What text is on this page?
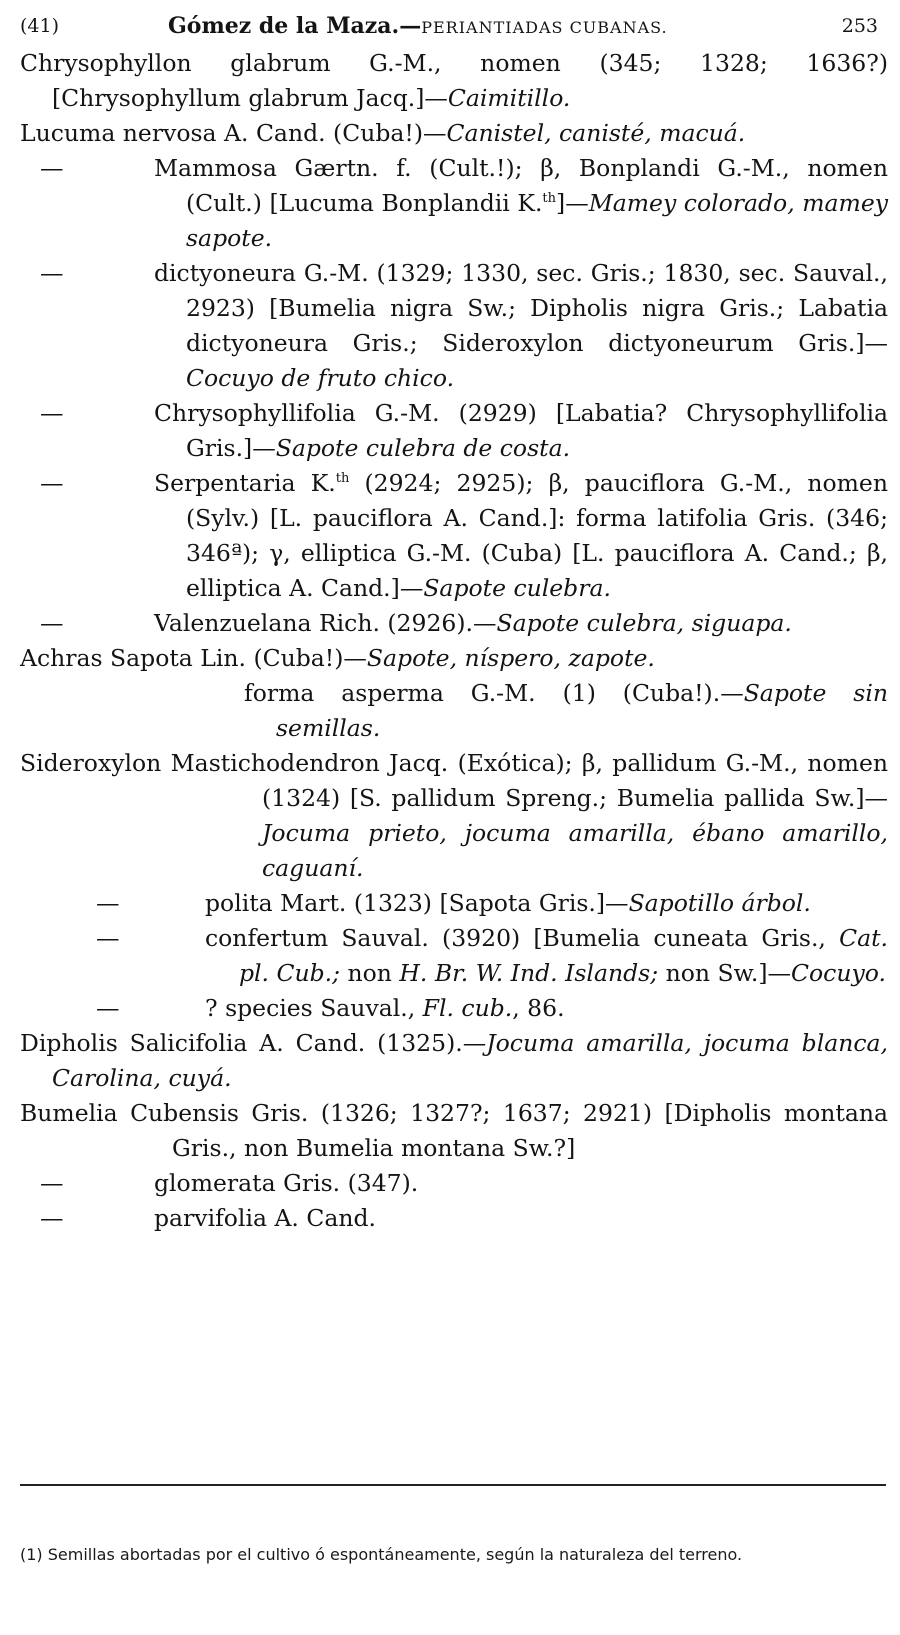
(41)	Gómez de la Maza.—PERIANTIADAS CUBANAS.	253
Chrysophyllon glabrum G.-M., nomen (345; 1328; 1636?) [Chrysophyllum glabrum Jacq.]—Caimitillo.
Lucuma nervosa A. Cand. (Cuba!)—Canistel, canisté, macuá.
—	Mammosa Gærtn. f. (Cult.!); β, Bonplandi G.-M., nomen (Cult.) [Lucuma Bonplandii K.$^{th}$]—Mamey colorado, mamey sapote.
—	dictyoneura G.-M. (1329; 1330, sec. Gris.; 1830, sec. Sauval., 2923) [Bumelia nigra Sw.; Dipholis nigra Gris.; Labatia dictyoneura Gris.; Sideroxylon dictyoneurum Gris.]—Cocuyo de fruto chico.
—	Chrysophyllifolia G.-M. (2929) [Labatia? Chrysophyllifolia Gris.]—Sapote culebra de costa.
—	Serpentaria K.$^{th}$ (2924; 2925); β, pauciflora G.-M., nomen (Sylv.) [L. pauciflora A. Cand.]: forma latifolia Gris. (346; 346ª); γ, elliptica G.-M. (Cuba) [L. pauciflora A. Cand.; β, elliptica A. Cand.]—Sapote culebra.
—	Valenzuelana Rich. (2926).—Sapote culebra, siguapa.
Achras Sapota Lin. (Cuba!)—Sapote, níspero, zapote.
forma asperma G.-M. (1) (Cuba!).—Sapote sin semillas.
Sideroxylon Mastichodendron Jacq. (Exótica); β, pallidum G.-M., nomen (1324) [S. pallidum Spreng.; Bumelia pallida Sw.]—Jocuma prieto, jocuma amarilla, ébano amarillo, caguaní.
—	polita Mart. (1323) [Sapota Gris.]—Sapotillo árbol.
—	confertum Sauval. (3920) [Bumelia cuneata Gris., Cat. pl. Cub.; non H. Br. W. Ind. Islands; non Sw.]—Cocuyo.
—	? species Sauval., Fl. cub., 86.
Dipholis Salicifolia A. Cand. (1325).—Jocuma amarilla, jocuma blanca, Carolina, cuyá.
Bumelia Cubensis Gris. (1326; 1327?; 1637; 2921) [Dipholis montana Gris., non Bumelia montana Sw.?]
—	glomerata Gris. (347).
—	parvifolia A. Cand.
(1) Semillas abortadas por el cultivo ó espontáneamente, según la naturaleza del terreno.
